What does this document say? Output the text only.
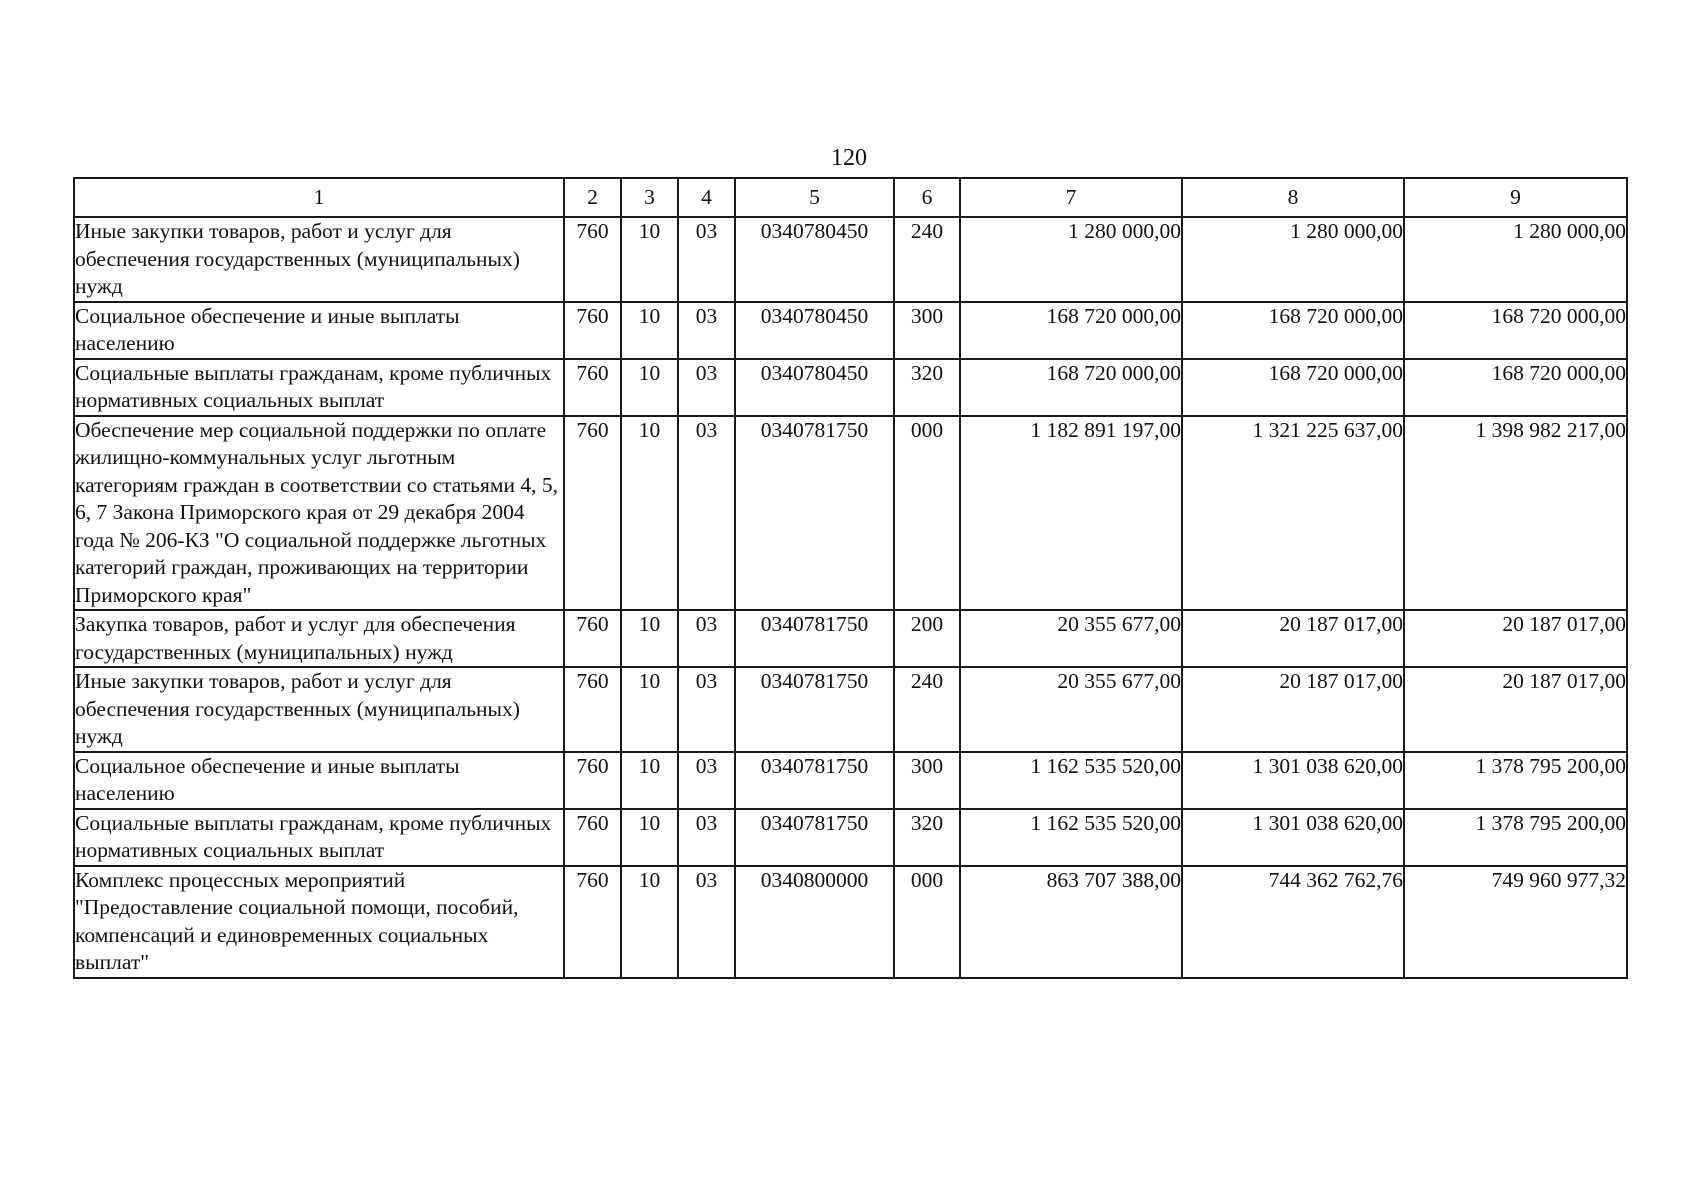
120
1	2	3	4	5	6	7	8	9
Иные закупки товаров, работ и услуг для обеспечения государственных (муниципальных) нужд	760	10	03	0340780450	240	1 280 000,00	1 280 000,00	1 280 000,00
Социальное обеспечение и иные выплаты населению	760	10	03	0340780450	300	168 720 000,00	168 720 000,00	168 720 000,00
Социальные выплаты гражданам, кроме публичных нормативных социальных выплат	760	10	03	0340780450	320	168 720 000,00	168 720 000,00	168 720 000,00
Обеспечение мер социальной поддержки по оплате жилищно-коммунальных услуг льготным категориям граждан в соответствии со статьями 4, 5, 6, 7 Закона Приморского края от 29 декабря 2004 года № 206-КЗ "О социальной поддержке льготных категорий граждан, проживающих на территории Приморского края"	760	10	03	0340781750	000	1 182 891 197,00	1 321 225 637,00	1 398 982 217,00
Закупка товаров, работ и услуг для обеспечения государственных (муниципальных) нужд	760	10	03	0340781750	200	20 355 677,00	20 187 017,00	20 187 017,00
Иные закупки товаров, работ и услуг для обеспечения государственных (муниципальных) нужд	760	10	03	0340781750	240	20 355 677,00	20 187 017,00	20 187 017,00
Социальное обеспечение и иные выплаты населению	760	10	03	0340781750	300	1 162 535 520,00	1 301 038 620,00	1 378 795 200,00
Социальные выплаты гражданам, кроме публичных нормативных социальных выплат	760	10	03	0340781750	320	1 162 535 520,00	1 301 038 620,00	1 378 795 200,00
Комплекс процессных мероприятий "Предоставление социальной помощи, пособий, компенсаций и единовременных социальных выплат"	760	10	03	0340800000	000	863 707 388,00	744 362 762,76	749 960 977,32
